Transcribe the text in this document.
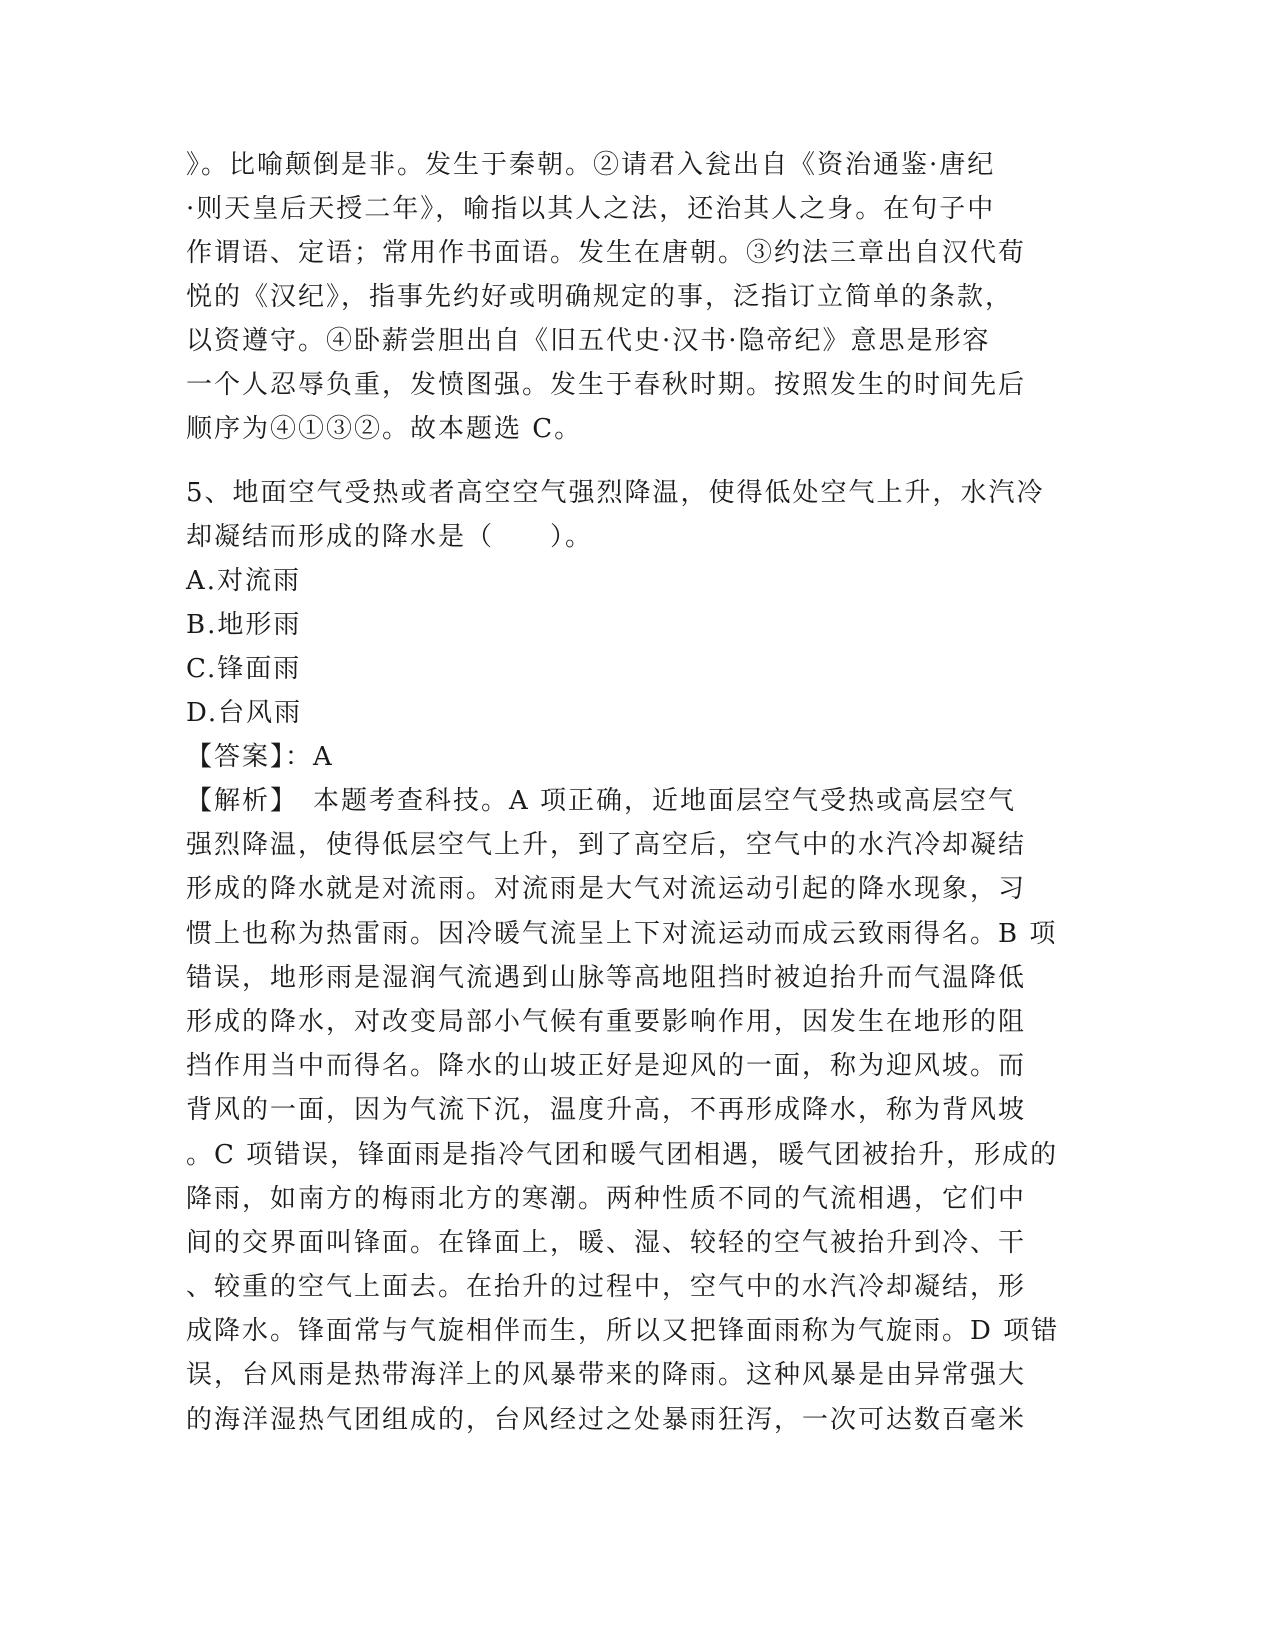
》。比喻颠倒是非。发生于秦朝。②请君入瓮出自《资治通鉴·唐纪
·则天皇后天授二年》，喻指以其人之法，还治其人之身。在句子中
作谓语、定语；常用作书面语。发生在唐朝。③约法三章出自汉代荀
悦的《汉纪》，指事先约好或明确规定的事，泛指订立简单的条款，
以资遵守。④卧薪尝胆出自《旧五代史·汉书·隐帝纪》意思是形容
一个人忍辱负重，发愤图强。发生于春秋时期。按照发生的时间先后
顺序为④①③②。故本题选 C。
5、地面空气受热或者高空空气强烈降温，使得低处空气上升，水汽冷
却凝结而形成的降水是（　　）。
A.对流雨
B.地形雨
C.锋面雨
D.台风雨
【答案】：A
【解析】　本题考查科技。A 项正确，近地面层空气受热或高层空气
强烈降温，使得低层空气上升，到了高空后，空气中的水汽冷却凝结
形成的降水就是对流雨。对流雨是大气对流运动引起的降水现象，习
惯上也称为热雷雨。因冷暖气流呈上下对流运动而成云致雨得名。B 项
错误，地形雨是湿润气流遇到山脉等高地阻挡时被迫抬升而气温降低
形成的降水，对改变局部小气候有重要影响作用，因发生在地形的阻
挡作用当中而得名。降水的山坡正好是迎风的一面，称为迎风坡。而
背风的一面，因为气流下沉，温度升高，不再形成降水，称为背风坡
。C 项错误，锋面雨是指冷气团和暖气团相遇，暖气团被抬升，形成的
降雨，如南方的梅雨北方的寒潮。两种性质不同的气流相遇，它们中
间的交界面叫锋面。在锋面上，暖、湿、较轻的空气被抬升到冷、干
、较重的空气上面去。在抬升的过程中，空气中的水汽冷却凝结，形
成降水。锋面常与气旋相伴而生，所以又把锋面雨称为气旋雨。D 项错
误，台风雨是热带海洋上的风暴带来的降雨。这种风暴是由异常强大
的海洋湿热气团组成的，台风经过之处暴雨狂泻，一次可达数百毫米
